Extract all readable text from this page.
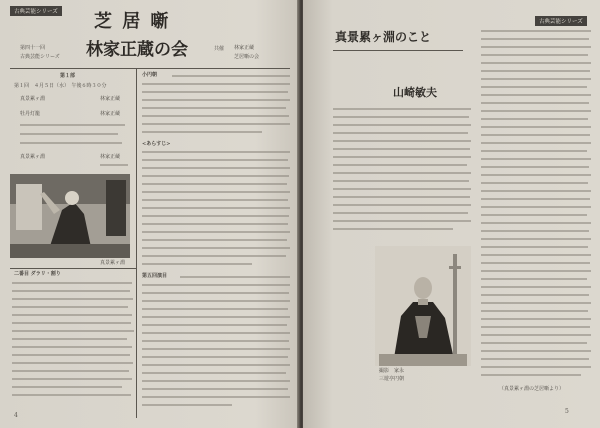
古典芸能シリーズ 芝 居 噺
林家正蔵の会
第四十一回
古典芸能シリーズ
共催 林家正蔵
芝居噺の会
第１部
第１回　４月５日（水）　午後６時３０分
真景累ヶ淵	林家正蔵
牡丹灯籠	林家正蔵
真景累ヶ淵	林家正蔵
真景累ヶ淵
二番目 ダラリ・割り
小円朝
<あらすじ>
第五回演目
4
古典芸能シリーズ
真景累ヶ淵のこと
山崎敏夫
撮影　家永
三遊亭円朝
（真景累ヶ淵の芝居噺より）
5
